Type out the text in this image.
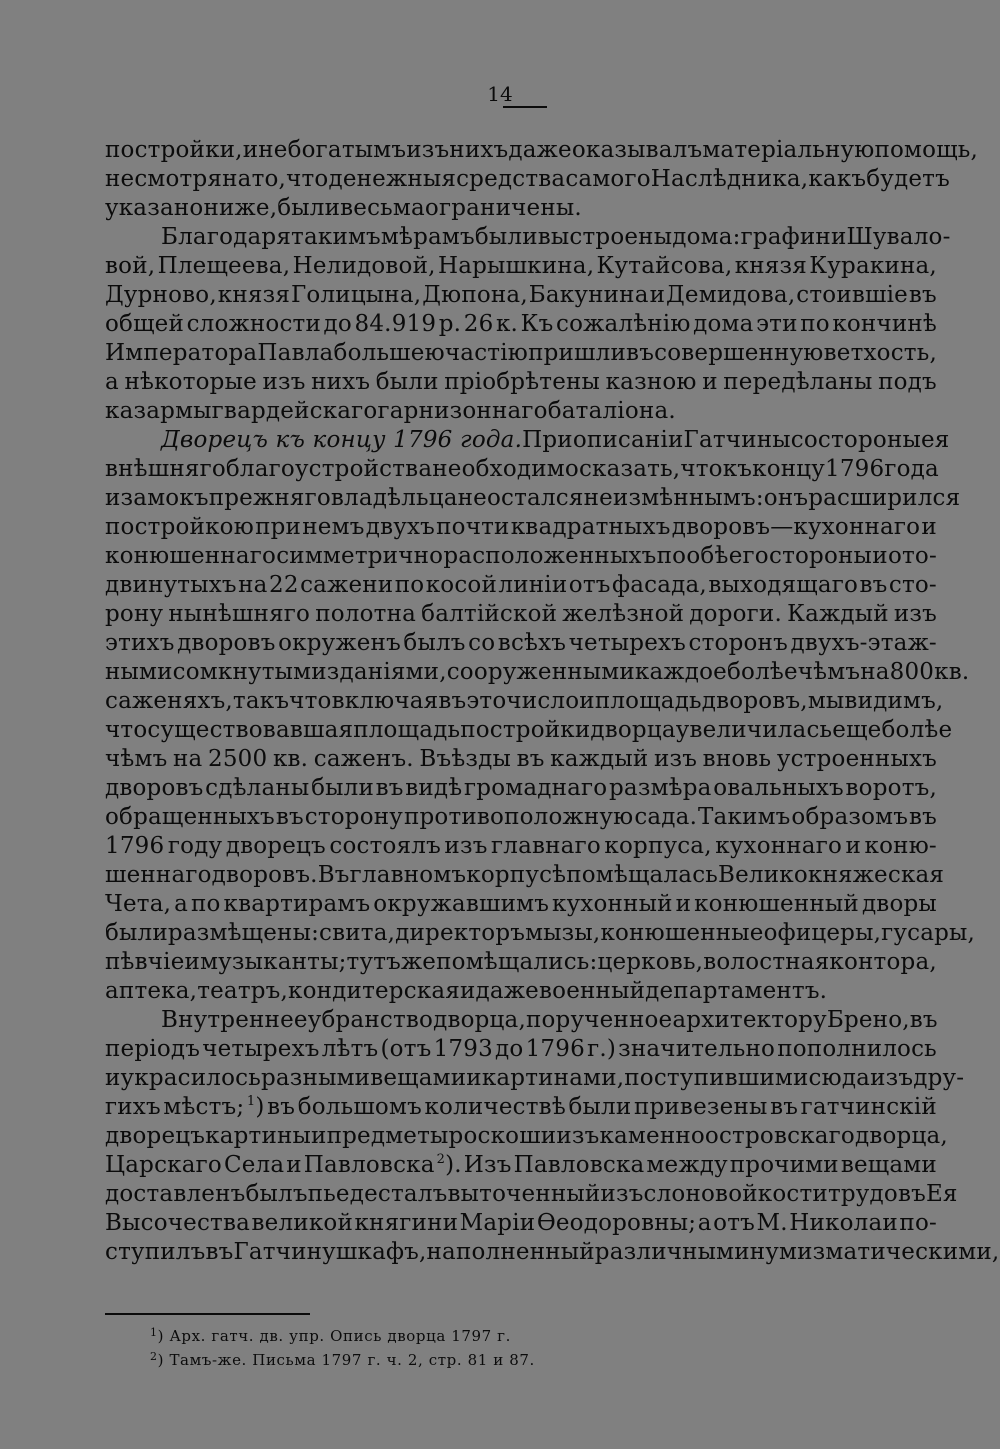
14
постройки, и небогатымъ изъ нихъ даже оказывалъ матеріальную помощь,
не смотря на то, что денежныя средства самого Наслѣдника, какъ будетъ
указано ниже, были весьма ограничены.
Благодаря такимъ мѣрамъ были выстроены дома: графини Шувало-
вой, Плещеева, Нелидовой, Нарышкина, Кутайсова, князя Куракина,
Дурново, князя Голицына, Дюпона, Бакунина и Демидова, стоившіе въ
общей сложности до 84.919 р. 26 к. Къ сожалѣнію дома эти по кончинѣ
Императора Павла большею частію пришли въ совершенную ветхость,
а нѣкоторые изъ нихъ были пріобрѣтены казною и передѣланы подъ
казармы гвардейскаго гарнизоннаго баталіона.
Дворецъ къ концу 1796 года. При описаніи Гатчины со стороны ея
внѣшняго благоустройства необходимо сказать, что къ концу 1796 года
и замокъ прежняго владѣльца не остался неизмѣннымъ: онъ расширился
постройкою при немъ двухъ почти квадратныхъ дворовъ—кухоннаго и
конюшеннаго симметрично расположенныхъ по обѣ его стороны и ото-
двинутыхъ на 22 сажени по косой линіи отъ фасада, выходящаго въ сто-
рону нынѣшняго полотна балтійской желѣзной дороги. Каждый изъ
этихъ дворовъ окруженъ былъ со всѣхъ четырехъ сторонъ двухъ-этаж-
ными сомкнутыми зданіями, сооруженными каждое болѣе чѣмъ на 800 кв.
саженяхъ, такъ что включая въ это число и площадь дворовъ, мы видимъ,
что существовавшая площадь постройки дворца увеличилась еще болѣе
чѣмъ на 2500 кв. саженъ. Въѣзды въ каждый изъ вновь устроенныхъ
дворовъ сдѣланы были въ видѣ громаднаго размѣра овальныхъ воротъ,
обращенныхъ въ сторону противоположную сада. Такимъ образомъ въ
1796 году дворецъ состоялъ изъ главнаго корпуса, кухоннаго и коню-
шеннаго дворовъ. Въ главномъ корпусѣ помѣщалась Великокняжеская
Чета, а по квартирамъ окружавшимъ кухонный и конюшенный дворы
были размѣщены: свита, директоръ мызы, конюшенные офицеры, гусары,
пѣвчіе и музыканты; тутъ же помѣщались: церковь, волостная контора,
аптека, театръ, кондитерская и даже военный департаментъ.
Внутреннее убранство дворца, порученное архитектору Брено, въ
періодъ четырехъ лѣтъ (отъ 1793 до 1796 г.) значительно пополнилось
и украсилось разными вещами и картинами, поступившими сюда изъ дру-
гихъ мѣстъ; $^1$) въ большомъ количествѣ были привезены въ гатчинскій
дворецъ картины и предметы роскоши изъ каменноостровскаго дворца,
Царскаго Села и Павловска $^2$). Изъ Павловска между прочими вещами
доставленъ былъ пьедесталъ выточенный изъ слоновой кости трудовъ Ея
Высочества великой княгини Маріи Ѳеодоровны; а отъ М. Николаи по-
ступилъ въ Гатчину шкафъ, наполненный различными нумизматическими,
$^1$) Арх. гатч. дв. упр. Опись дворца 1797 г.
$^2$) Тамъ-же. Письма 1797 г. ч. 2, стр. 81 и 87.
